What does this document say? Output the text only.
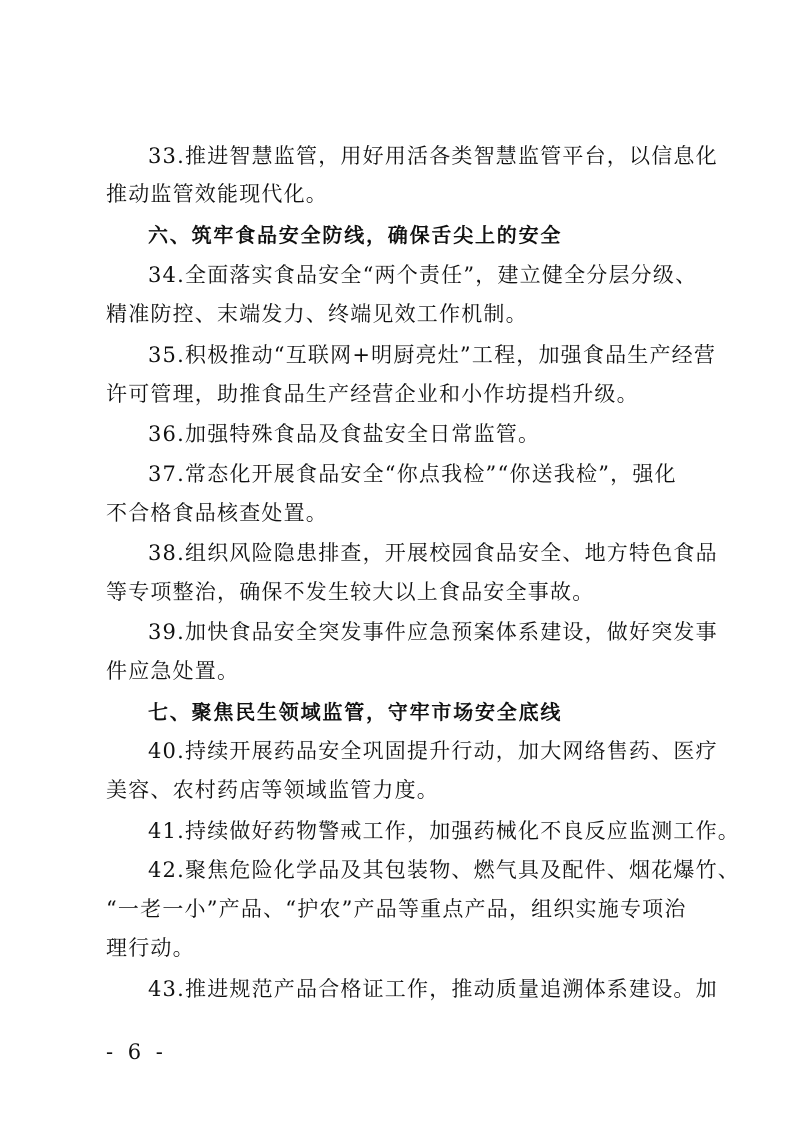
33.推进智慧监管，用好用活各类智慧监管平台，以信息化
推动监管效能现代化。
六、筑牢食品安全防线，确保舌尖上的安全
34.全面落实食品安全“两个责任”，建立健全分层分级、
精准防控、末端发力、终端见效工作机制。
35.积极推动“互联网+明厨亮灶”工程，加强食品生产经营
许可管理，助推食品生产经营企业和小作坊提档升级。
36.加强特殊食品及食盐安全日常监管。
37.常态化开展食品安全“你点我检”“你送我检”，强化
不合格食品核查处置。
38.组织风险隐患排查，开展校园食品安全、地方特色食品
等专项整治，确保不发生较大以上食品安全事故。
39.加快食品安全突发事件应急预案体系建设，做好突发事
件应急处置。
七、聚焦民生领域监管，守牢市场安全底线
40.持续开展药品安全巩固提升行动，加大网络售药、医疗
美容、农村药店等领域监管力度。
41.持续做好药物警戒工作，加强药械化不良反应监测工作。
42.聚焦危险化学品及其包装物、燃气具及配件、烟花爆竹、
“一老一小”产品、“护农”产品等重点产品，组织实施专项治
理行动。
43.推进规范产品合格证工作，推动质量追溯体系建设。加
- 6 -
